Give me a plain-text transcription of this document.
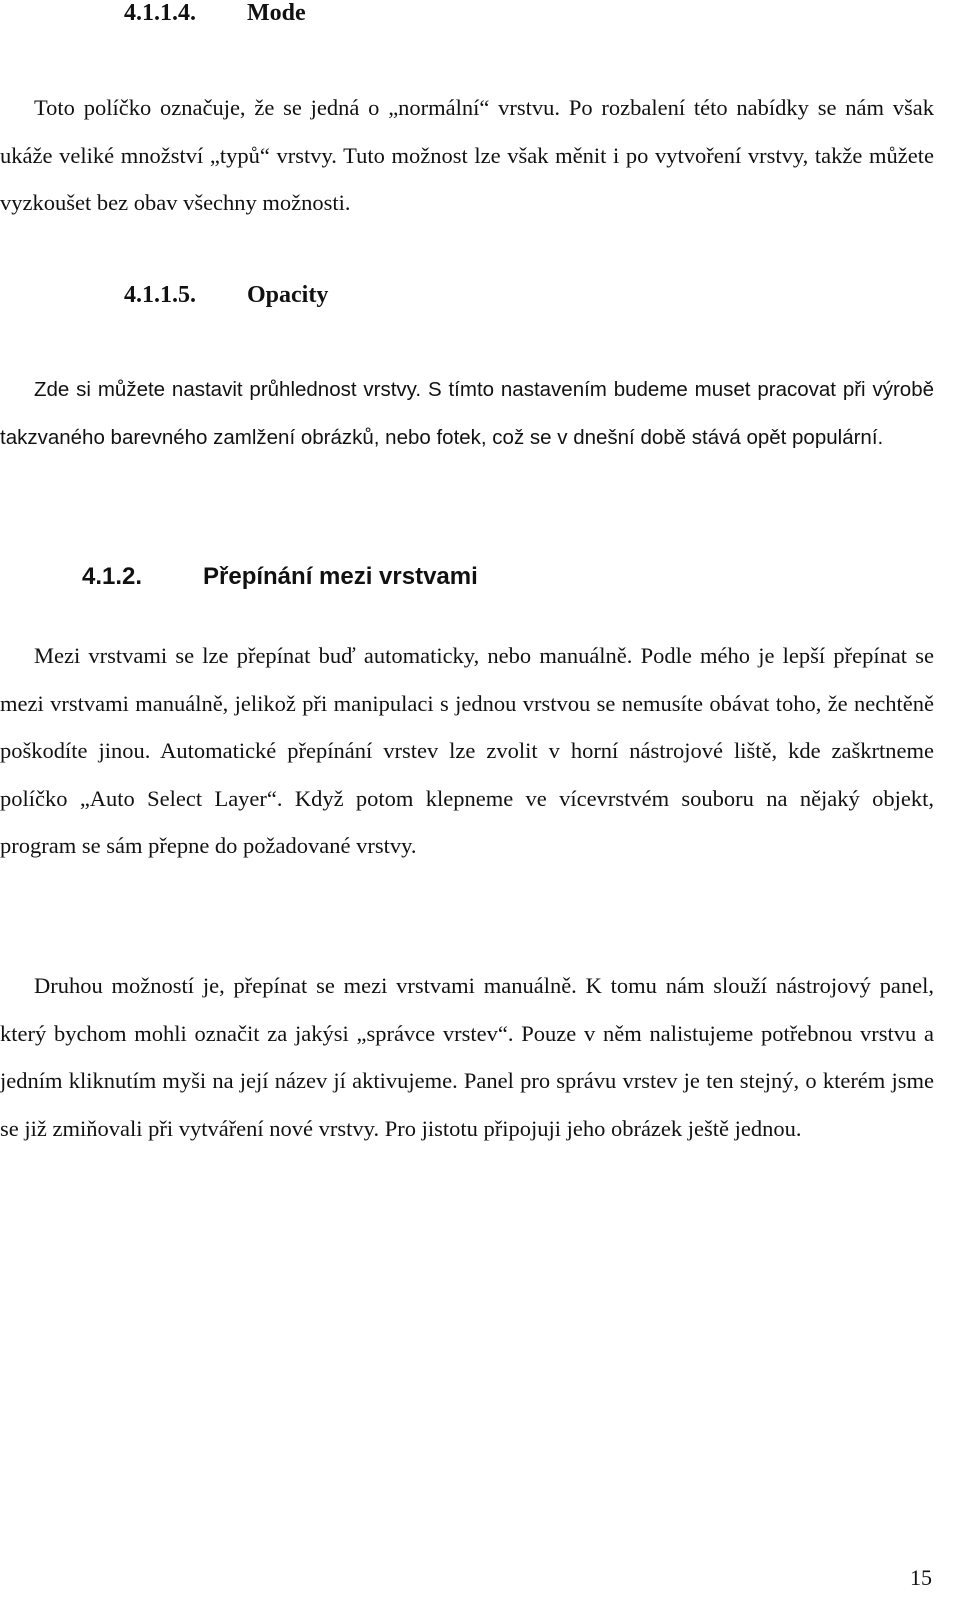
4.1.1.4. Mode

Toto políčko označuje, že se jedná o „normální“ vrstvu. Po rozbalení této nabídky se nám však ukáže veliké množství „typů“ vrstvy. Tuto možnost lze však měnit i po vytvoření vrstvy, takže můžete vyzkoušet bez obav všechny možnosti.

4.1.1.5. Opacity

Zde si můžete nastavit průhlednost vrstvy. S tímto nastavením budeme muset pracovat při výrobě takzvaného barevného zamlžení obrázků, nebo fotek, což se v dnešní době stává opět populární.

4.1.2.	Přepínání mezi vrstvami

Mezi vrstvami se lze přepínat buď automaticky, nebo manuálně. Podle mého je lepší přepínat se mezi vrstvami manuálně, jelikož při manipulaci s jednou vrstvou se nemusíte obávat toho, že nechtěně poškodíte jinou. Automatické přepínání vrstev lze zvolit v horní nástrojové liště, kde zaškrtneme políčko „Auto Select Layer“. Když potom klepneme ve vícevrstvém souboru na nějaký objekt, program se sám přepne do požadované vrstvy.

Druhou možností je, přepínat se mezi vrstvami manuálně. K tomu nám slouží nástrojový panel, který bychom mohli označit za jakýsi „správce vrstev“. Pouze v něm nalistujeme potřebnou vrstvu a jedním kliknutím myši na její název jí aktivujeme. Panel pro správu vrstev je ten stejný, o kterém jsme se již zmiňovali při vytváření nové vrstvy. Pro jistotu připojuji jeho obrázek ještě jednou.

15
